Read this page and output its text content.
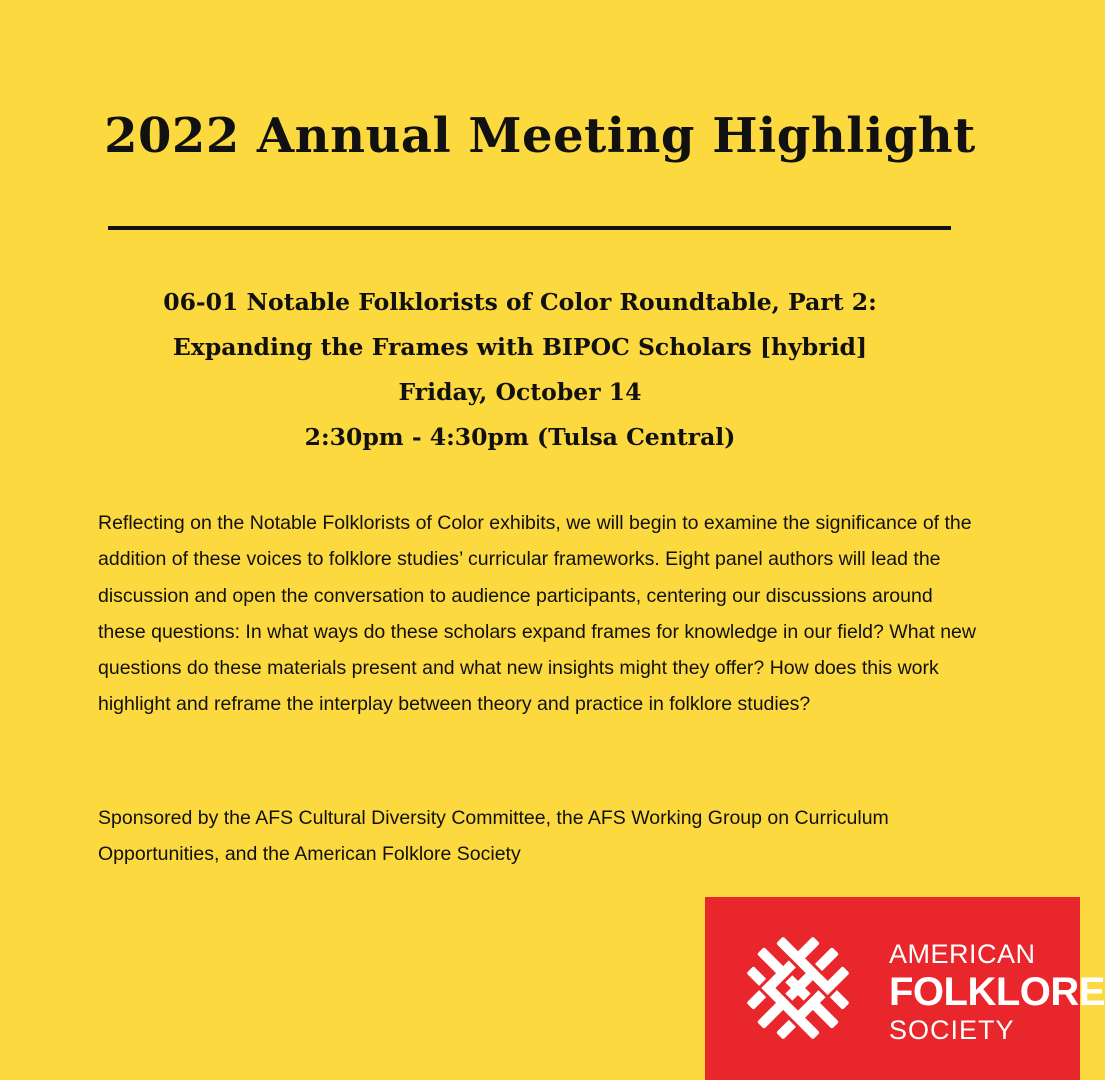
2022 Annual Meeting Highlight
06-01 Notable Folklorists of Color Roundtable, Part 2:
Expanding the Frames with BIPOC Scholars [hybrid]
Friday, October 14
2:30pm - 4:30pm (Tulsa Central)

Reflecting on the Notable Folklorists of Color exhibits, we will begin to examine the significance of the addition of these voices to folklore studies’ curricular frameworks. Eight panel authors will lead the discussion and open the conversation to audience participants, centering our discussions around these questions: In what ways do these scholars expand frames for knowledge in our field? What new questions do these materials present and what new insights might they offer? How does this work highlight and reframe the interplay between theory and practice in folklore studies?

Sponsored by the AFS Cultural Diversity Committee, the AFS Working Group on Curriculum Opportunities, and the American Folklore Society

AMERICAN
FOLKLORE
SOCIETY
